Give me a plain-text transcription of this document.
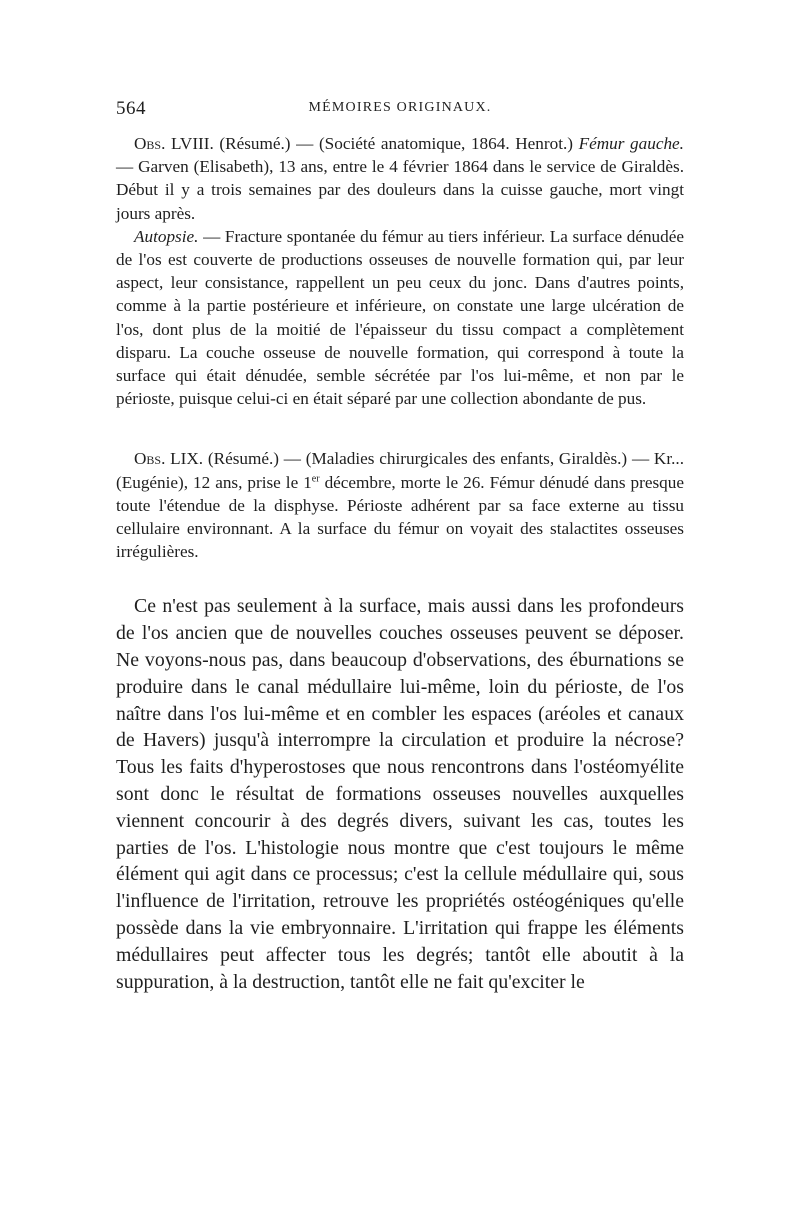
564	MÉMOIRES ORIGINAUX.

Obs. LVIII. (Résumé.) — (Société anatomique, 1864. Henrot.) Fémur gauche. — Garven (Elisabeth), 13 ans, entre le 4 février 1864 dans le service de Giraldès. Début il y a trois semaines par des douleurs dans la cuisse gauche, mort vingt jours après.

Autopsie. — Fracture spontanée du fémur au tiers inférieur. La surface dénudée de l'os est couverte de productions osseuses de nouvelle formation qui, par leur aspect, leur consistance, rappellent un peu ceux du jonc. Dans d'autres points, comme à la partie postérieure et inférieure, on constate une large ulcération de l'os, dont plus de la moitié de l'épaisseur du tissu compact a complètement disparu. La couche osseuse de nouvelle formation, qui correspond à toute la surface qui était dénudée, semble sécrétée par l'os lui-même, et non par le périoste, puisque celui-ci en était séparé par une collection abondante de pus.

Obs. LIX. (Résumé.) — (Maladies chirurgicales des enfants, Giraldès.) — Kr... (Eugénie), 12 ans, prise le 1er décembre, morte le 26. Fémur dénudé dans presque toute l'étendue de la disphyse. Périoste adhérent par sa face externe au tissu cellulaire environnant. A la surface du fémur on voyait des stalactites osseuses irrégulières.

Ce n'est pas seulement à la surface, mais aussi dans les profondeurs de l'os ancien que de nouvelles couches osseuses peuvent se déposer. Ne voyons-nous pas, dans beaucoup d'observations, des éburnations se produire dans le canal médullaire lui-même, loin du périoste, de l'os naître dans l'os lui-même et en combler les espaces (aréoles et canaux de Havers) jusqu'à interrompre la circulation et produire la nécrose? Tous les faits d'hyperostoses que nous rencontrons dans l'ostéomyélite sont donc le résultat de formations osseuses nouvelles auxquelles viennent concourir à des degrés divers, suivant les cas, toutes les parties de l'os. L'histologie nous montre que c'est toujours le même élément qui agit dans ce processus; c'est la cellule médullaire qui, sous l'influence de l'irritation, retrouve les propriétés ostéogéniques qu'elle possède dans la vie embryonnaire. L'irritation qui frappe les éléments médullaires peut affecter tous les degrés; tantôt elle aboutit à la suppuration, à la destruction, tantôt elle ne fait qu'exciter le
